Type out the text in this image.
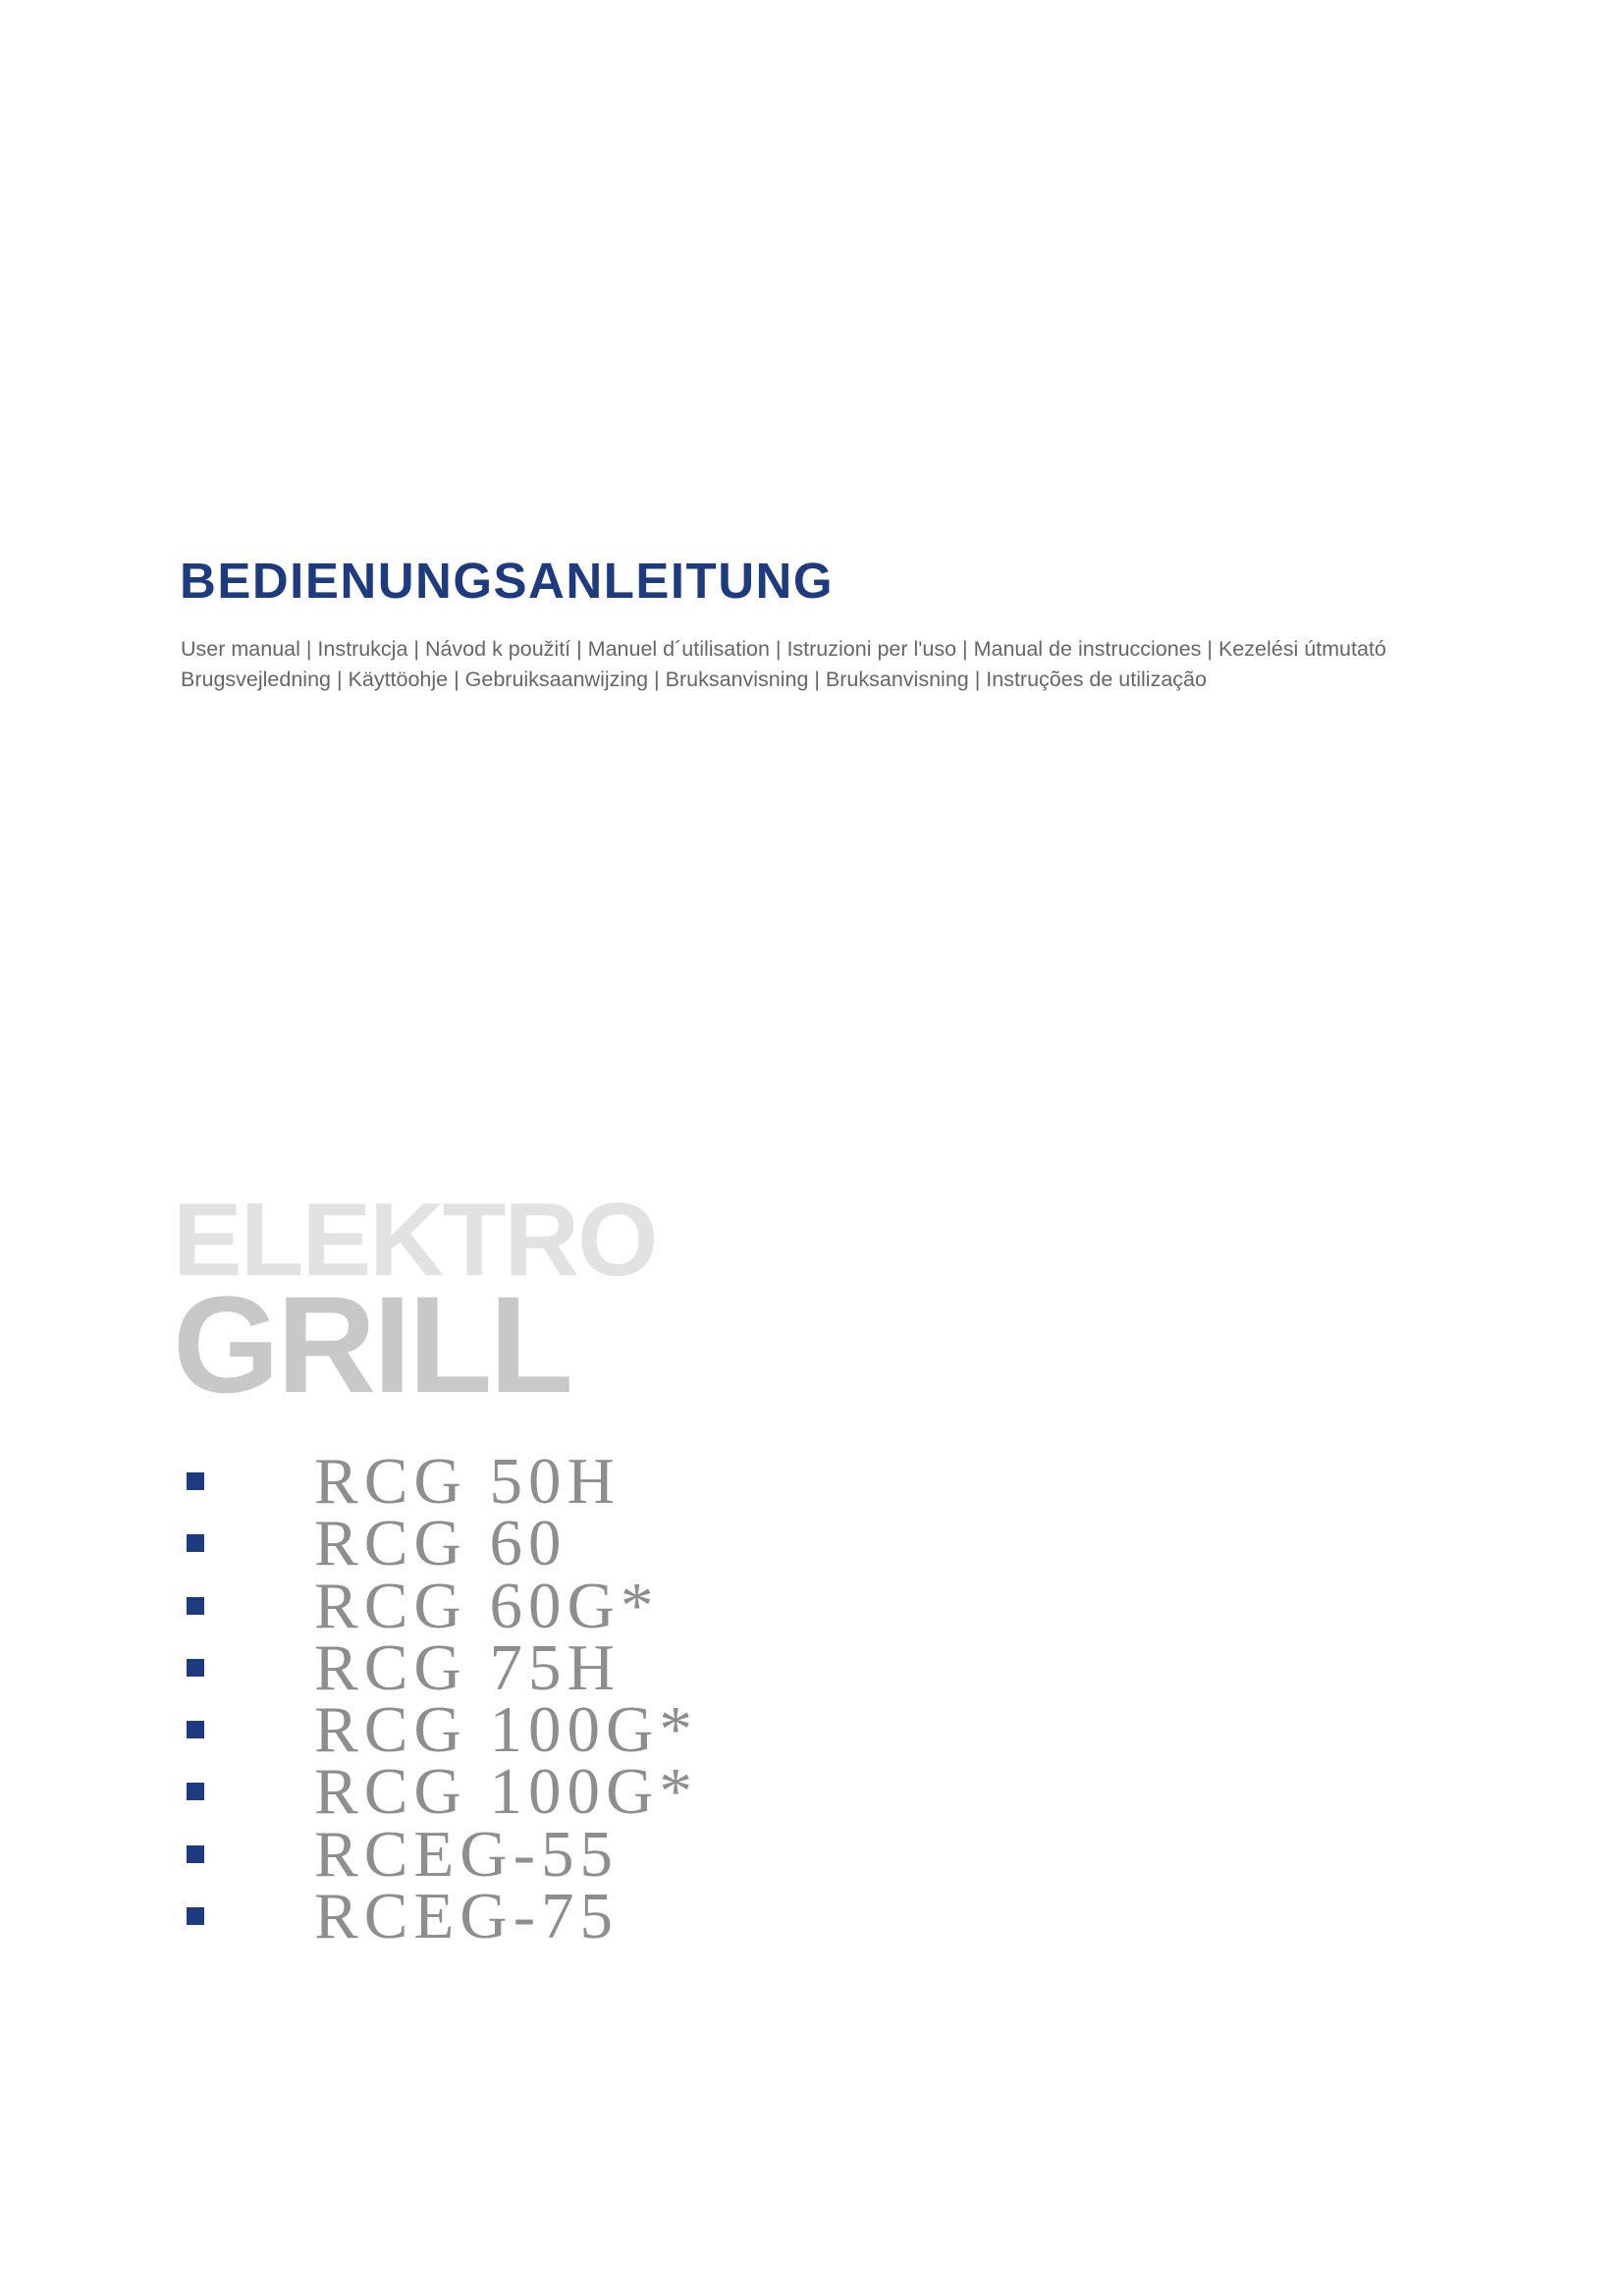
BEDIENUNGSANLEITUNG
User manual | Instrukcja | Návod k použití | Manuel d´utilisation | Istruzioni per l'uso | Manual de instrucciones | Kezelési útmutató
Brugsvejledning | Käyttöohje | Gebruiksaanwijzing | Bruksanvisning | Bruksanvisning | Instruções de utilização
ELEKTRO
GRILL
RCG 50H
RCG 60
RCG 60G*
RCG 75H
RCG 100G*
RCG 100G*
RCEG-55
RCEG-75
